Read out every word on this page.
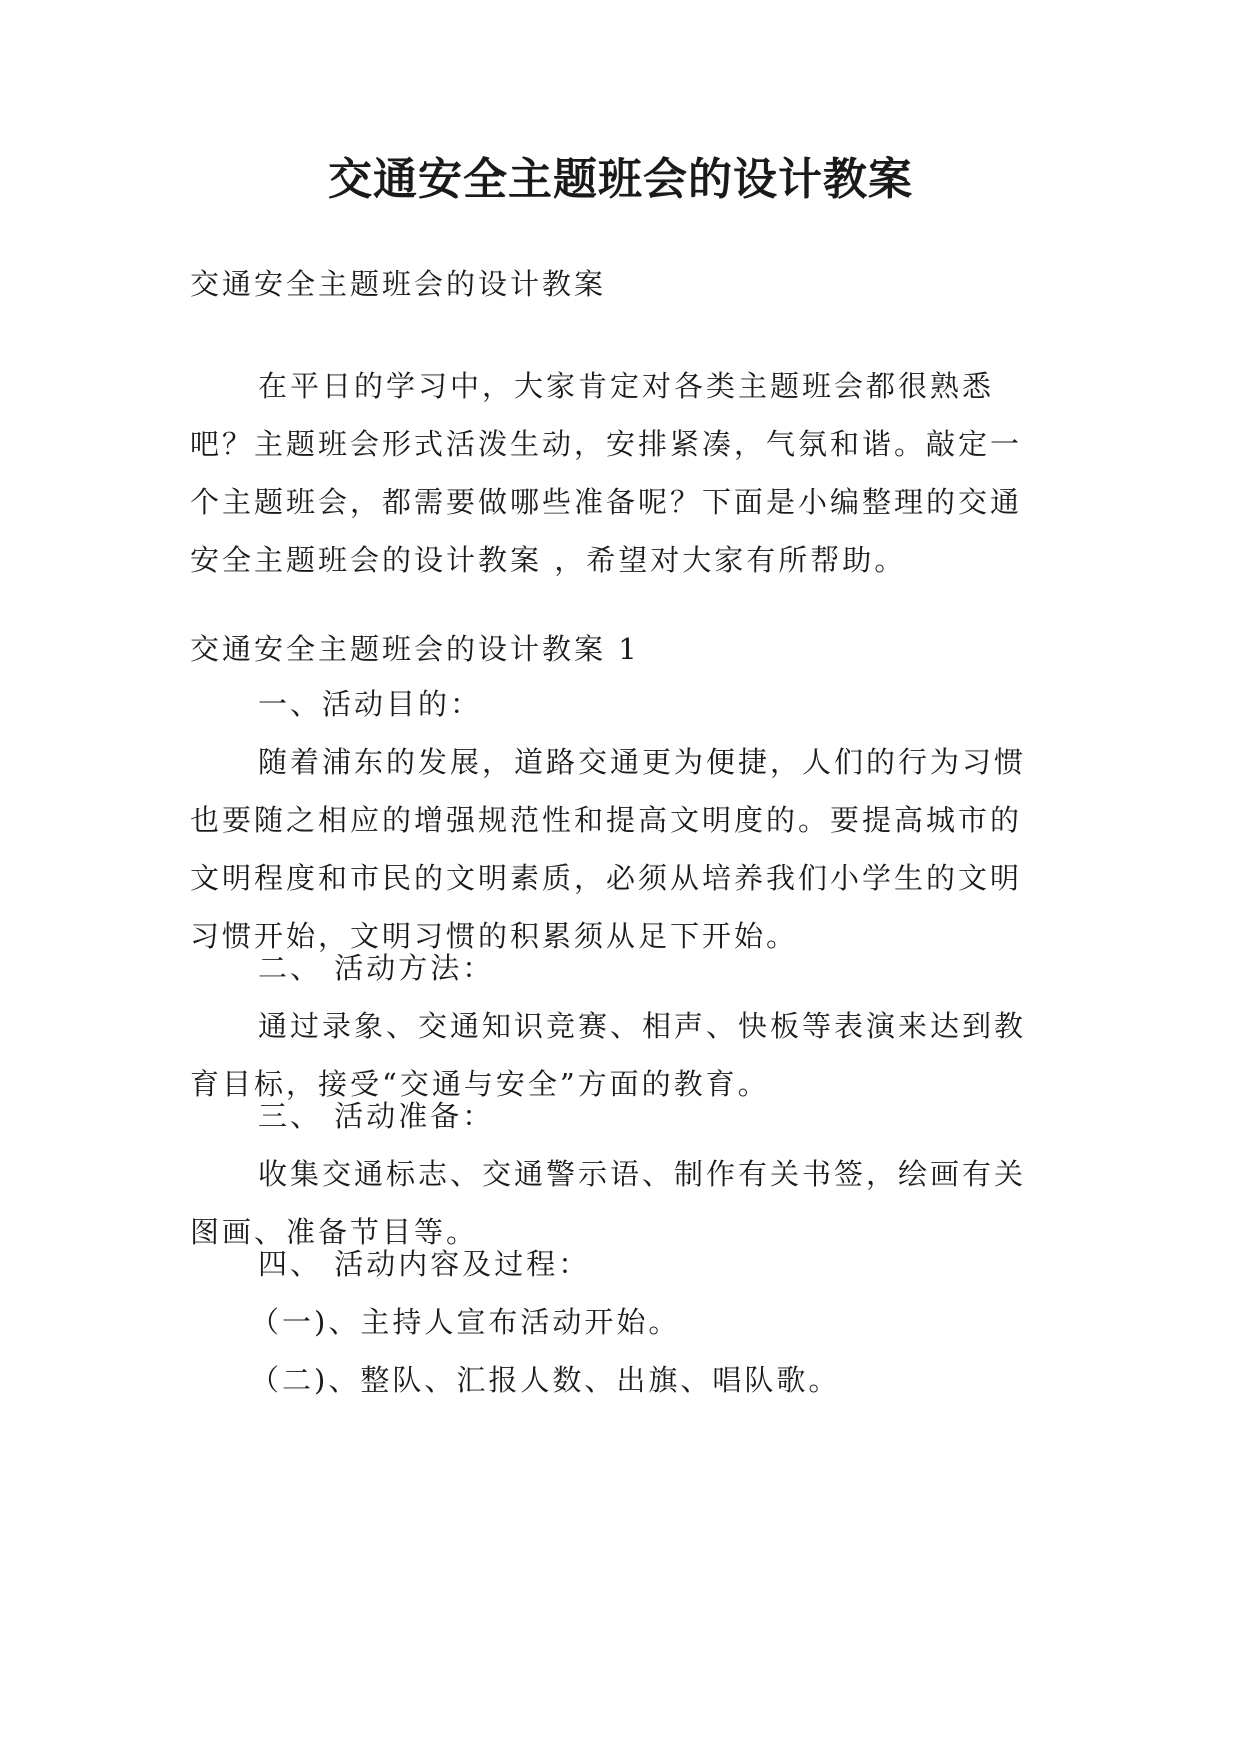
交通安全主题班会的设计教案

交通安全主题班会的设计教案

在平日的学习中，大家肯定对各类主题班会都很熟悉
吧？主题班会形式活泼生动，安排紧凑，气氛和谐。敲定一
个主题班会，都需要做哪些准备呢？下面是小编整理的交通
安全主题班会的设计教案 ，希望对大家有所帮助。

交通安全主题班会的设计教案 1

一、活动目的：

随着浦东的发展，道路交通更为便捷，人们的行为习惯
也要随之相应的增强规范性和提高文明度的。要提高城市的
文明程度和市民的文明素质，必须从培养我们小学生的文明
习惯开始，文明习惯的积累须从足下开始。

二、 活动方法：

通过录象、交通知识竞赛、相声、快板等表演来达到教
育目标，接受“交通与安全”方面的教育。

三、 活动准备：

收集交通标志、交通警示语、制作有关书签，绘画有关
图画、准备节目等。

四、 活动内容及过程：

（一)、主持人宣布活动开始。

（二)、整队、汇报人数、出旗、唱队歌。
